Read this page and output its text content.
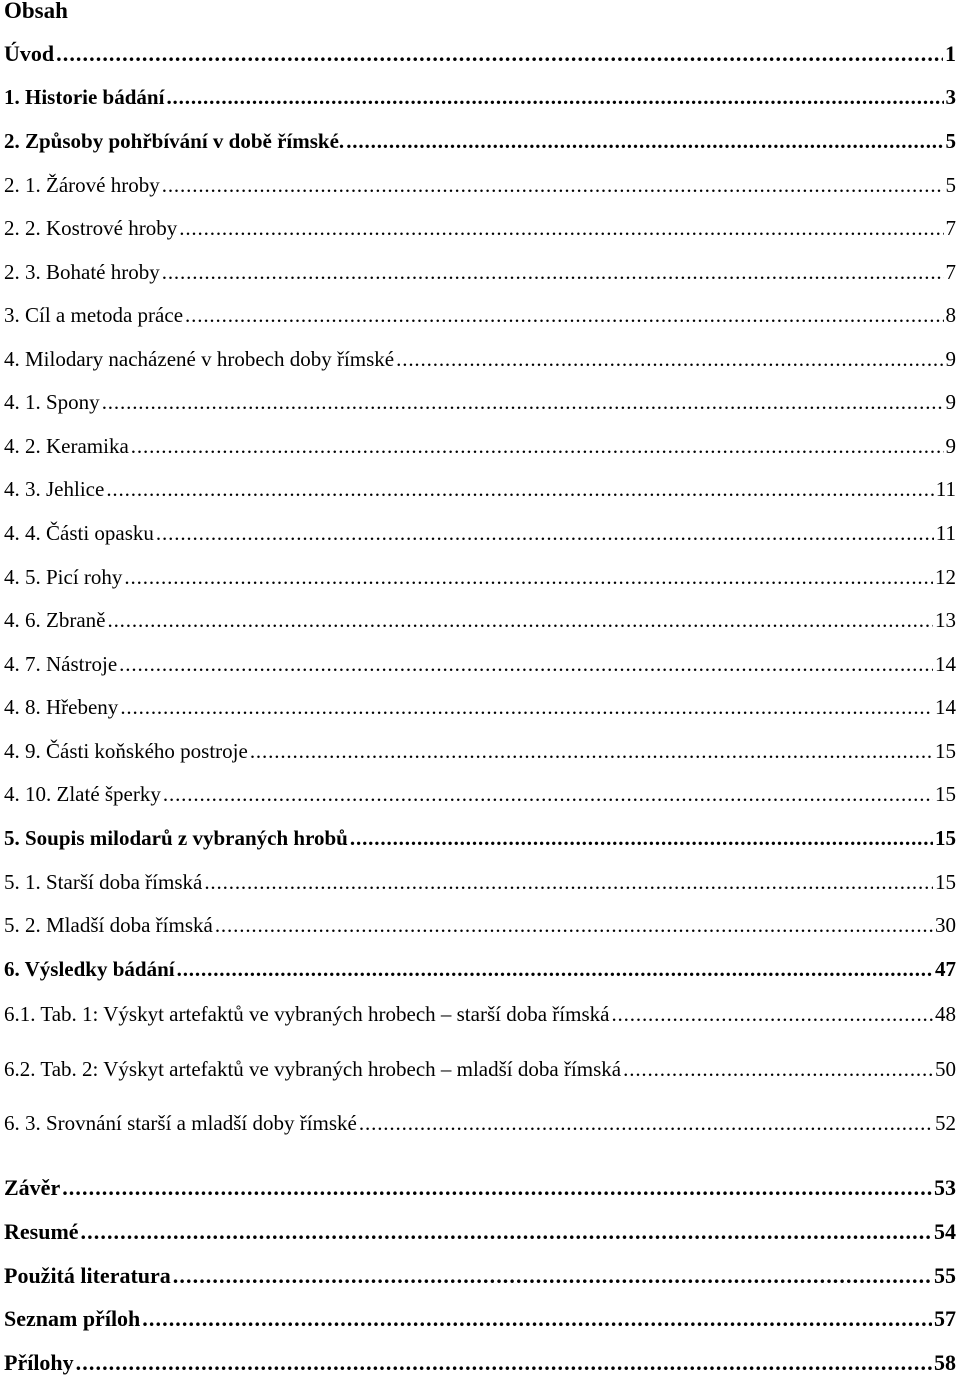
Obsah
Úvod . . .	1
1. Historie bádání . . .	3
2. Způsoby pohřbívání v době římské. . . .	5
2. 1. Žárové hroby . . .	5
2. 2. Kostrové hroby . . .	7
2. 3. Bohaté hroby . . .	7
3. Cíl a metoda práce . . .	8
4. Milodary nacházené v hrobech doby římské . . .	9
4. 1. Spony . . .	9
4. 2. Keramika . . .	9
4. 3. Jehlice . . .	11
4. 4. Části opasku . . .	11
4. 5. Picí rohy . . .	12
4. 6. Zbraně . . .	13
4. 7. Nástroje . . .	14
4. 8. Hřebeny . . .	14
4. 9. Části koňského postroje . . .	15
4. 10. Zlaté šperky . . .	15
5. Soupis milodarů z vybraných hrobů . . .	15
5. 1. Starší doba římská . . .	15
5. 2. Mladší doba římská . . .	30
6. Výsledky bádání . . .	47
6.1. Tab. 1: Výskyt artefaktů ve vybraných hrobech – starší doba římská . . .	48
6.2. Tab. 2: Výskyt artefaktů ve vybraných hrobech – mladší doba římská . . .	50
6. 3. Srovnání starší a mladší doby římské . . .	52
Závěr . . .	53
Resumé . . .	54
Použitá literatura . . .	55
Seznam příloh . . .	57
Přílohy . . .	58
